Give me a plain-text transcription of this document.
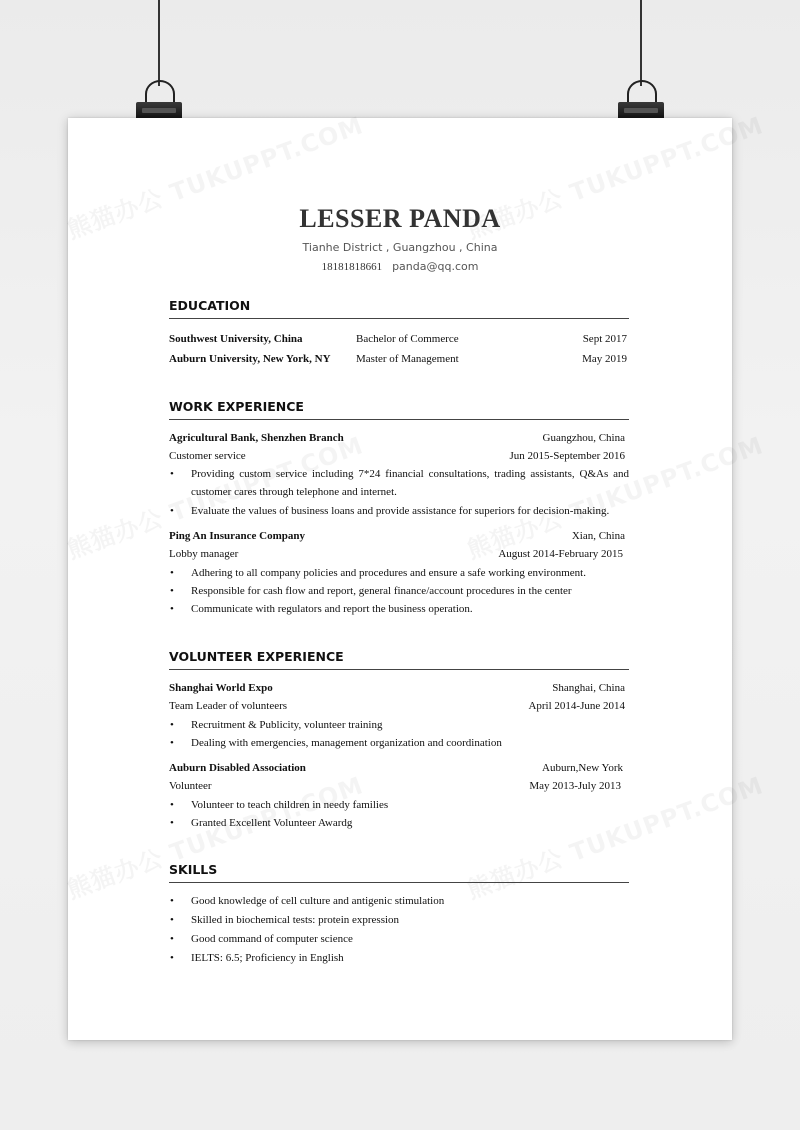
LESSER PANDA
Tianhe District , Guangzhou , China
18181818661 panda@qq.com
EDUCATION
Southwest University, China	Bachelor of Commerce	Sept 2017
Auburn University, New York, NY Master of Management	May 2019
WORK EXPERIENCE
Agricultural Bank, Shenzhen Branch	Guangzhou, China
Customer service	Jun 2015-September 2016
• Providing custom service including 7*24 financial consultations, trading assistants, Q&As and customer cares through telephone and internet.
• Evaluate the values of business loans and provide assistance for superiors for decision-making.
Ping An Insurance Company	Xian, China
Lobby manager	August 2014-February 2015
• Adhering to all company policies and procedures and ensure a safe working environment.
• Responsible for cash flow and report, general finance/account procedures in the center
• Communicate with regulators and report the business operation.
VOLUNTEER EXPERIENCE
Shanghai World Expo	Shanghai, China
Team Leader of volunteers	April 2014-June 2014
• Recruitment & Publicity, volunteer training
• Dealing with emergencies, management organization and coordination
Auburn Disabled Association	Auburn,New York
Volunteer	May 2013-July 2013
• Volunteer to teach children in needy families
• Granted Excellent Volunteer Awardg
SKILLS
• Good knowledge of cell culture and antigenic stimulation
• Skilled in biochemical tests: protein expression
• Good command of computer science
• IELTS: 6.5; Proficiency in English
